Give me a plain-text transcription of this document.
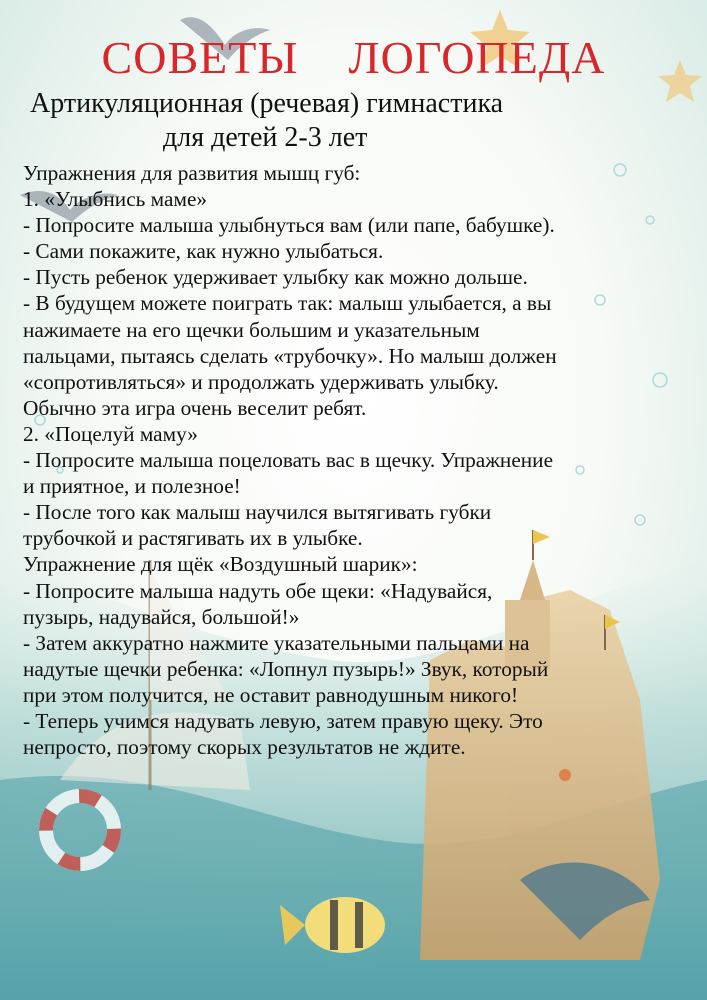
СОВЕТЫ    ЛОГОПЕДА
Артикуляционная (речевая) гимнастика
для детей 2-3 лет
Упражнения для развития мышц губ:
1. «Улыбнись маме»
- Попросите малыша улыбнуться вам (или папе, бабушке).
- Сами покажите, как нужно улыбаться.
- Пусть ребенок удерживает улыбку как можно дольше.
- В будущем можете поиграть так: малыш улыбается, а вы
нажимаете на его щечки большим и указательным
пальцами, пытаясь сделать «трубочку». Но малыш должен
«сопротивляться» и продолжать удерживать улыбку.
Обычно эта игра очень веселит ребят.
2. «Поцелуй маму»
- Попросите малыша поцеловать вас в щечку. Упражнение
и приятное, и полезное!
- После того как малыш научился вытягивать губки
трубочкой и растягивать их в улыбке.
Упражнение для щёк «Воздушный шарик»:
- Попросите малыша надуть обе щеки: «Надувайся,
пузырь, надувайся, большой!»
- Затем аккуратно нажмите указательными пальцами на
надутые щечки ребенка: «Лопнул пузырь!» Звук, который
при этом получится, не оставит равнодушным никого!
- Теперь учимся надувать левую, затем правую щеку. Это
непросто, поэтому скорых результатов не ждите.
